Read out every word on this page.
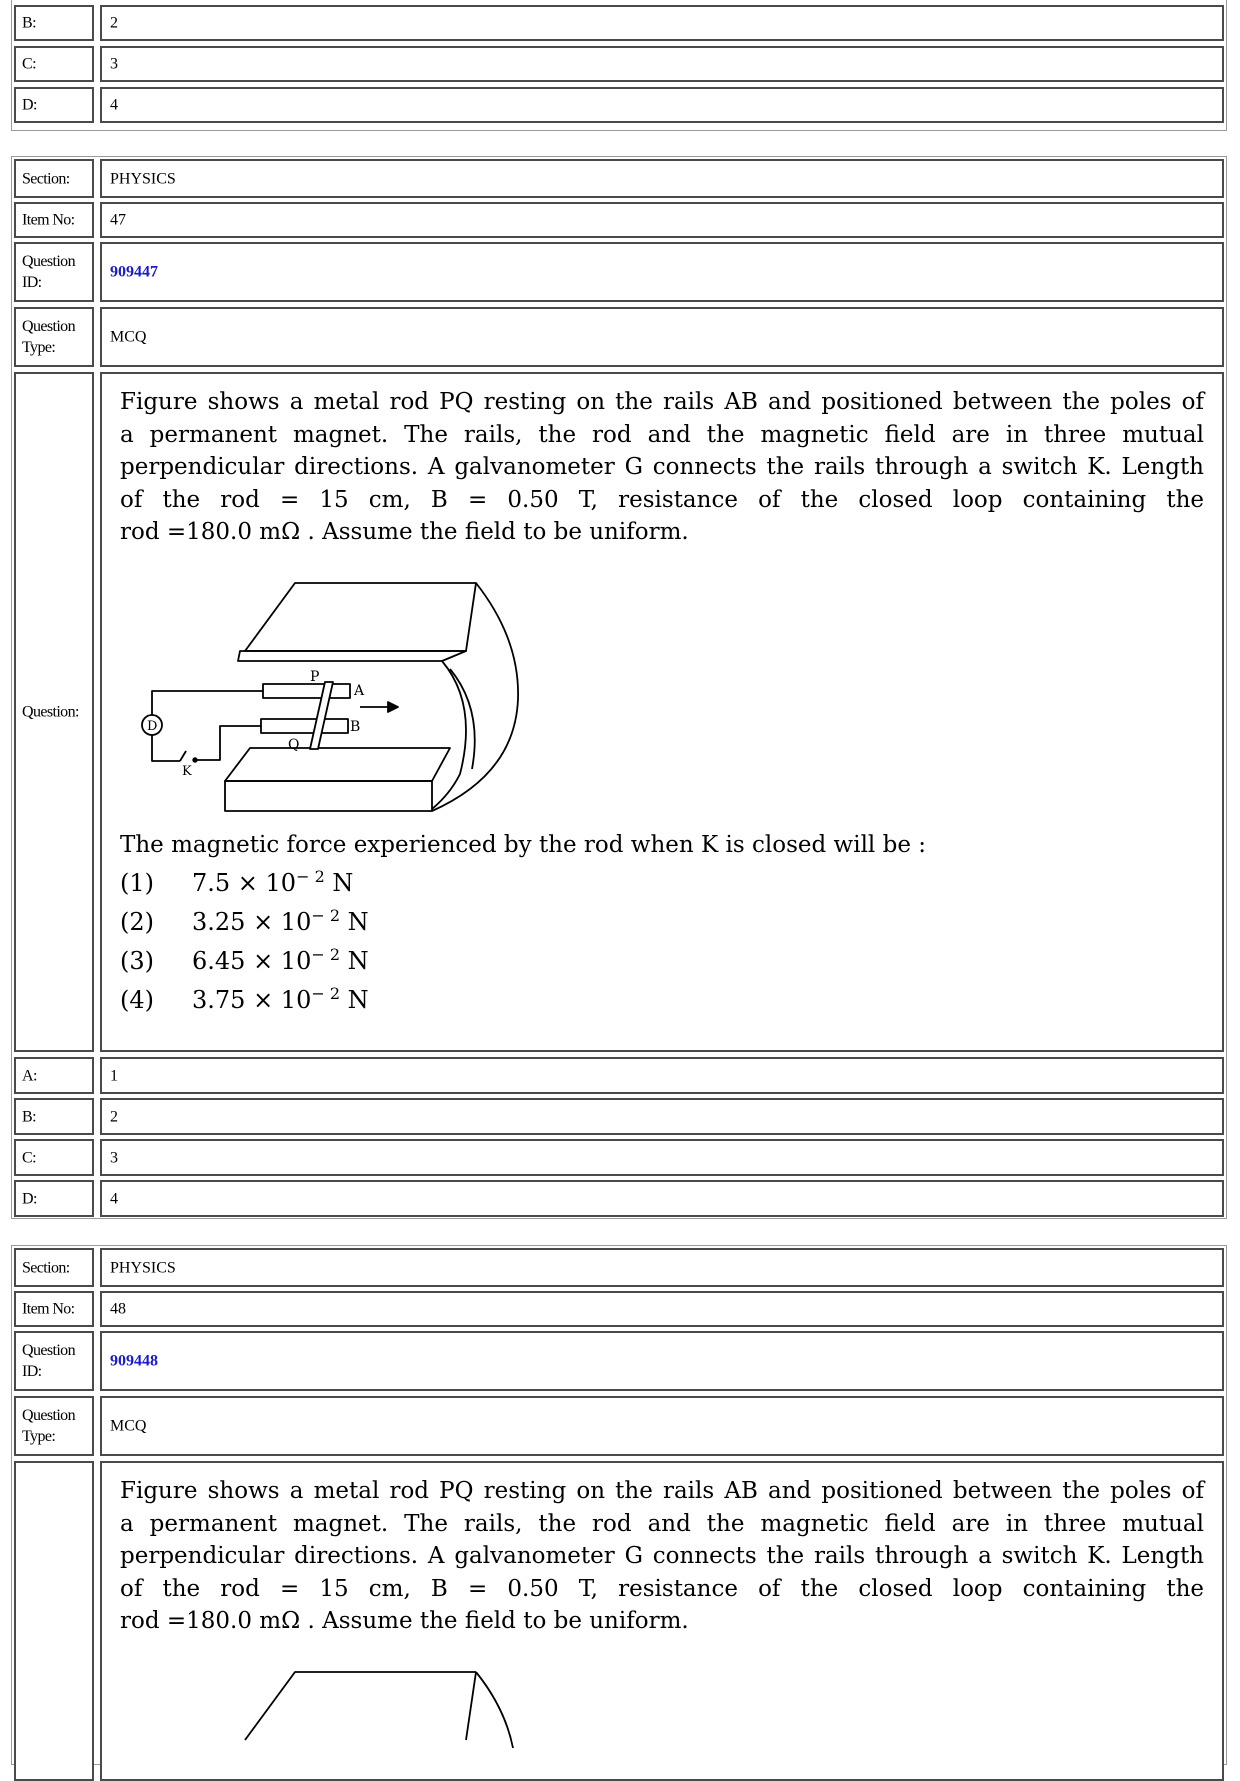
B:	2
C:	3
D:	4
Section:	PHYSICS
Item No: 47
Question
ID:
909447
Question
Type:
MCQ
Question:
Figure shows a metal rod PQ resting on the rails AB and positioned between the poles of
a permanent magnet. The rails, the rod and the magnetic field are in three mutual
perpendicular directions. A galvanometer G connects the rails through a switch K. Length
of the rod = 15 cm, B = 0.50 T, resistance of the closed loop containing the
rod =180.0 mΩ . Assume the field to be uniform.
P
A
B
Q
D
K
The magnetic force experienced by the rod when K is closed will be :
(1) $7.5 \times 10^{- 2}$ N
(2) $3.25 \times 10^{- 2}$ N
(3) $6.45 \times 10^{- 2}$ N
(4) $3.75 \times 10^{- 2}$ N
A:	1
B:	2
C:	3
D:	4
Section:	PHYSICS
Item No: 48
Question
ID:
909448
Question
Type:
MCQ
Figure shows a metal rod PQ resting on the rails AB and positioned between the poles of
a permanent magnet. The rails, the rod and the magnetic field are in three mutual
perpendicular directions. A galvanometer G connects the rails through a switch K. Length
of the rod = 15 cm, B = 0.50 T, resistance of the closed loop containing the
rod =180.0 mΩ . Assume the field to be uniform.
